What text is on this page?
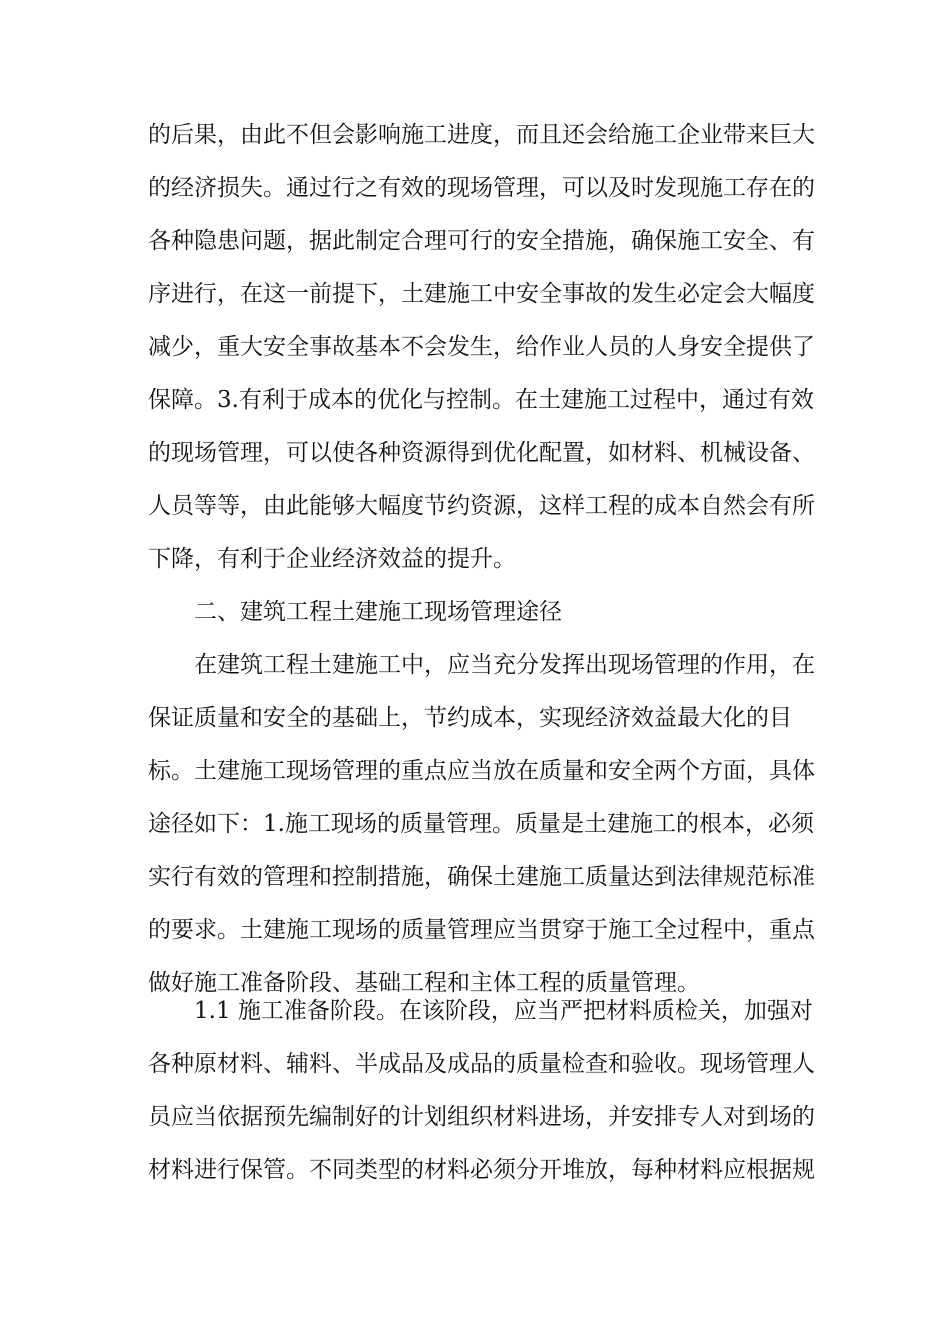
的后果，由此不但会影响施工进度，而且还会给施工企业带来巨大
的经济损失。通过行之有效的现场管理，可以及时发现施工存在的
各种隐患问题，据此制定合理可行的安全措施，确保施工安全、有
序进行，在这一前提下，土建施工中安全事故的发生必定会大幅度
减少，重大安全事故基本不会发生，给作业人员的人身安全提供了
保障。3.有利于成本的优化与控制。在土建施工过程中，通过有效
的现场管理，可以使各种资源得到优化配置，如材料、机械设备、
人员等等，由此能够大幅度节约资源，这样工程的成本自然会有所
下降，有利于企业经济效益的提升。
二、建筑工程土建施工现场管理途径
在建筑工程土建施工中，应当充分发挥出现场管理的作用，在
保证质量和安全的基础上，节约成本，实现经济效益最大化的目
标。土建施工现场管理的重点应当放在质量和安全两个方面，具体
途径如下：1.施工现场的质量管理。质量是土建施工的根本，必须
实行有效的管理和控制措施，确保土建施工质量达到法律规范标准
的要求。土建施工现场的质量管理应当贯穿于施工全过程中，重点
做好施工准备阶段、基础工程和主体工程的质量管理。
1.1 施工准备阶段。在该阶段，应当严把材料质检关，加强对
各种原材料、辅料、半成品及成品的质量检查和验收。现场管理人
员应当依据预先编制好的计划组织材料进场，并安排专人对到场的
材料进行保管。不同类型的材料必须分开堆放，每种材料应根据规
